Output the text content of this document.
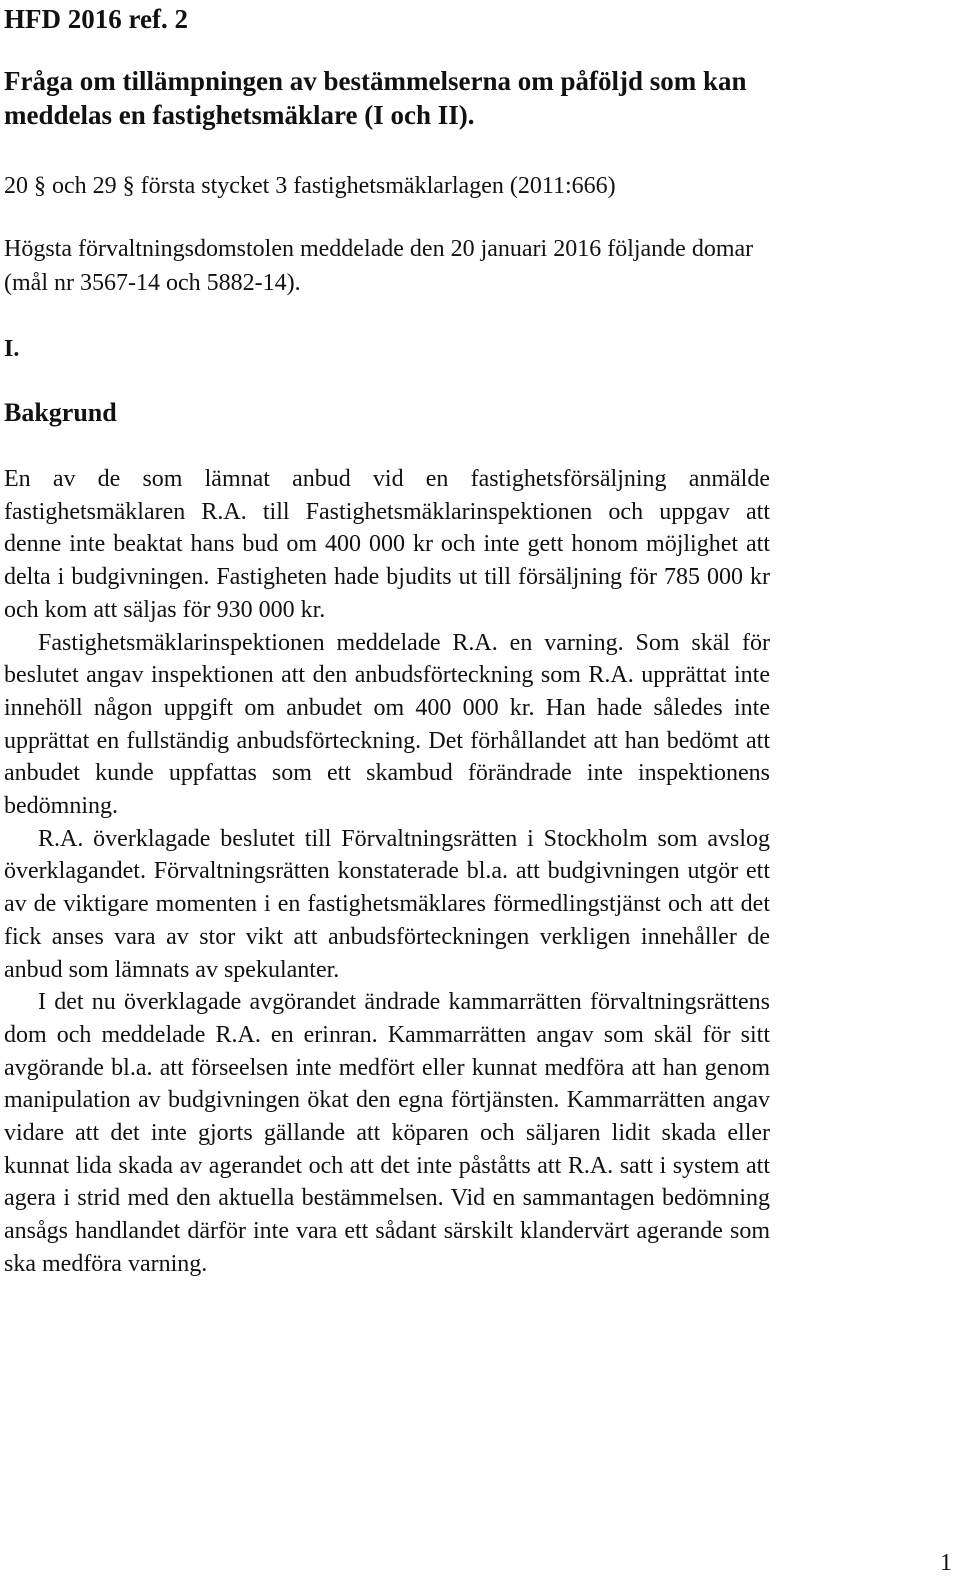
HFD 2016 ref. 2
Fråga om tillämpningen av bestämmelserna om påföljd som kan meddelas en fastighetsmäklare (I och II).

20 § och 29 § första stycket 3 fastighetsmäklarlagen (2011:666)

Högsta förvaltningsdomstolen meddelade den 20 januari 2016 följande domar (mål nr 3567-14 och 5882-14).

I.

Bakgrund

En av de som lämnat anbud vid en fastighetsförsäljning anmälde fastighetsmäklaren R.A. till Fastighetsmäklarinspektionen och uppgav att denne inte beaktat hans bud om 400 000 kr och inte gett honom möjlighet att delta i budgivningen. Fastigheten hade bjudits ut till försäljning för 785 000 kr och kom att säljas för 930 000 kr.

Fastighetsmäklarinspektionen meddelade R.A. en varning. Som skäl för beslutet angav inspektionen att den anbudsförteckning som R.A. upprättat inte innehöll någon uppgift om anbudet om 400 000 kr. Han hade således inte upprättat en fullständig anbudsförteckning. Det förhållandet att han bedömt att anbudet kunde uppfattas som ett skambud förändrade inte inspektionens bedömning.

R.A. överklagade beslutet till Förvaltningsrätten i Stockholm som avslog överklagandet. Förvaltningsrätten konstaterade bl.a. att budgivningen utgör ett av de viktigare momenten i en fastighetsmäklares förmedlingstjänst och att det fick anses vara av stor vikt att anbudsförteckningen verkligen innehåller de anbud som lämnats av spekulanter.

I det nu överklagade avgörandet ändrade kammarrätten förvaltningsrättens dom och meddelade R.A. en erinran. Kammarrätten angav som skäl för sitt avgörande bl.a. att förseelsen inte medfört eller kunnat medföra att han genom manipulation av budgivningen ökat den egna förtjänsten. Kammarrätten angav vidare att det inte gjorts gällande att köparen och säljaren lidit skada eller kunnat lida skada av agerandet och att det inte påståtts att R.A. satt i system att agera i strid med den aktuella bestämmelsen. Vid en sammantagen bedömning ansågs handlandet därför inte vara ett sådant särskilt klandervärt agerande som ska medföra varning.

1
